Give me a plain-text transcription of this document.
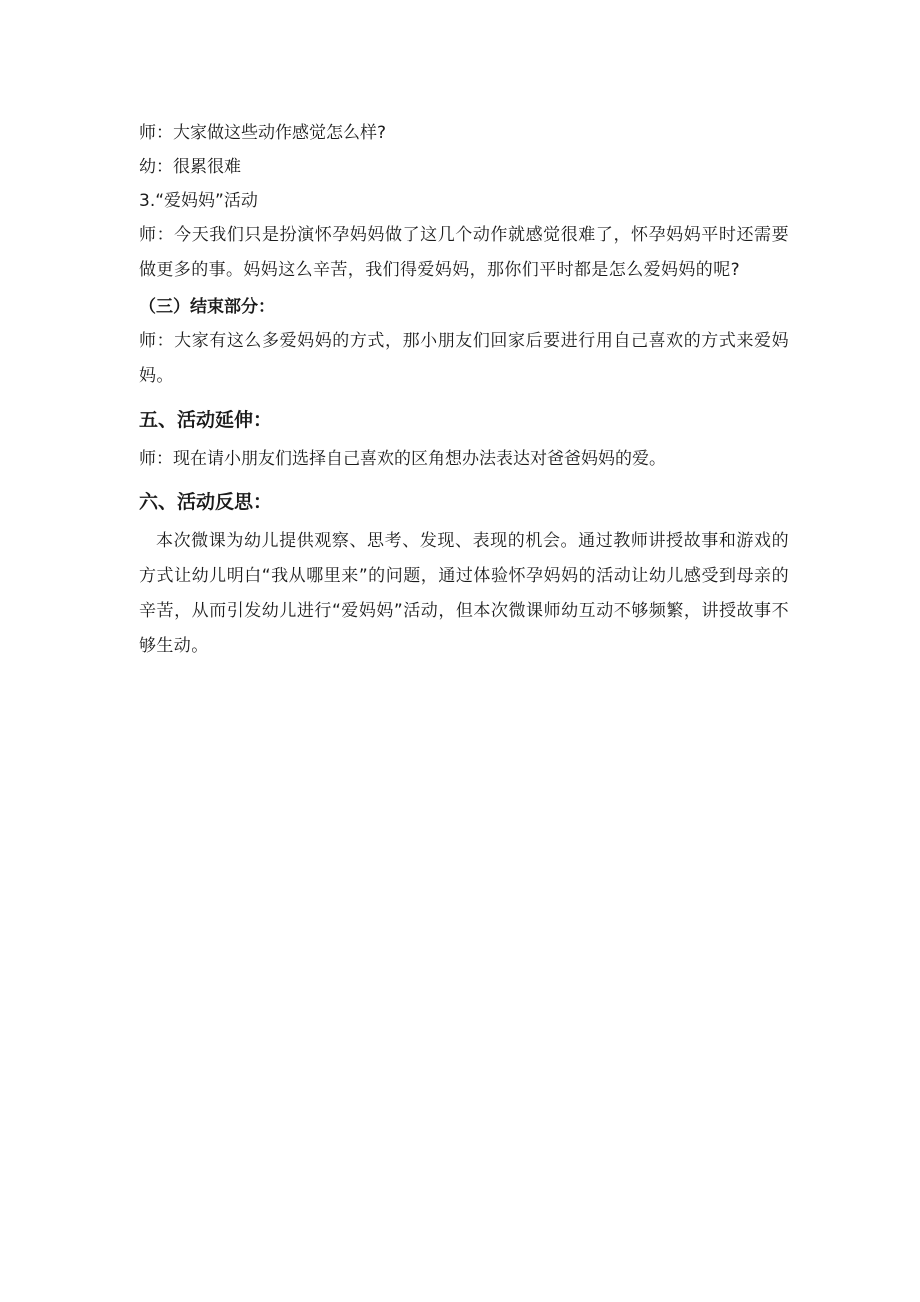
师：大家做这些动作感觉怎么样?
幼：很累很难
3.“爱妈妈”活动
师：今天我们只是扮演怀孕妈妈做了这几个动作就感觉很难了，怀孕妈妈平时还需要做更多的事。妈妈这么辛苦，我们得爱妈妈，那你们平时都是怎么爱妈妈的呢?
（三）结束部分：
师：大家有这么多爱妈妈的方式，那小朋友们回家后要进行用自己喜欢的方式来爱妈妈。
五、活动延伸：
师：现在请小朋友们选择自己喜欢的区角想办法表达对爸爸妈妈的爱。
六、活动反思：
本次微课为幼儿提供观察、思考、发现、表现的机会。通过教师讲授故事和游戏的方式让幼儿明白“我从哪里来”的问题，通过体验怀孕妈妈的活动让幼儿感受到母亲的辛苦，从而引发幼儿进行“爱妈妈”活动，但本次微课师幼互动不够频繁，讲授故事不够生动。
